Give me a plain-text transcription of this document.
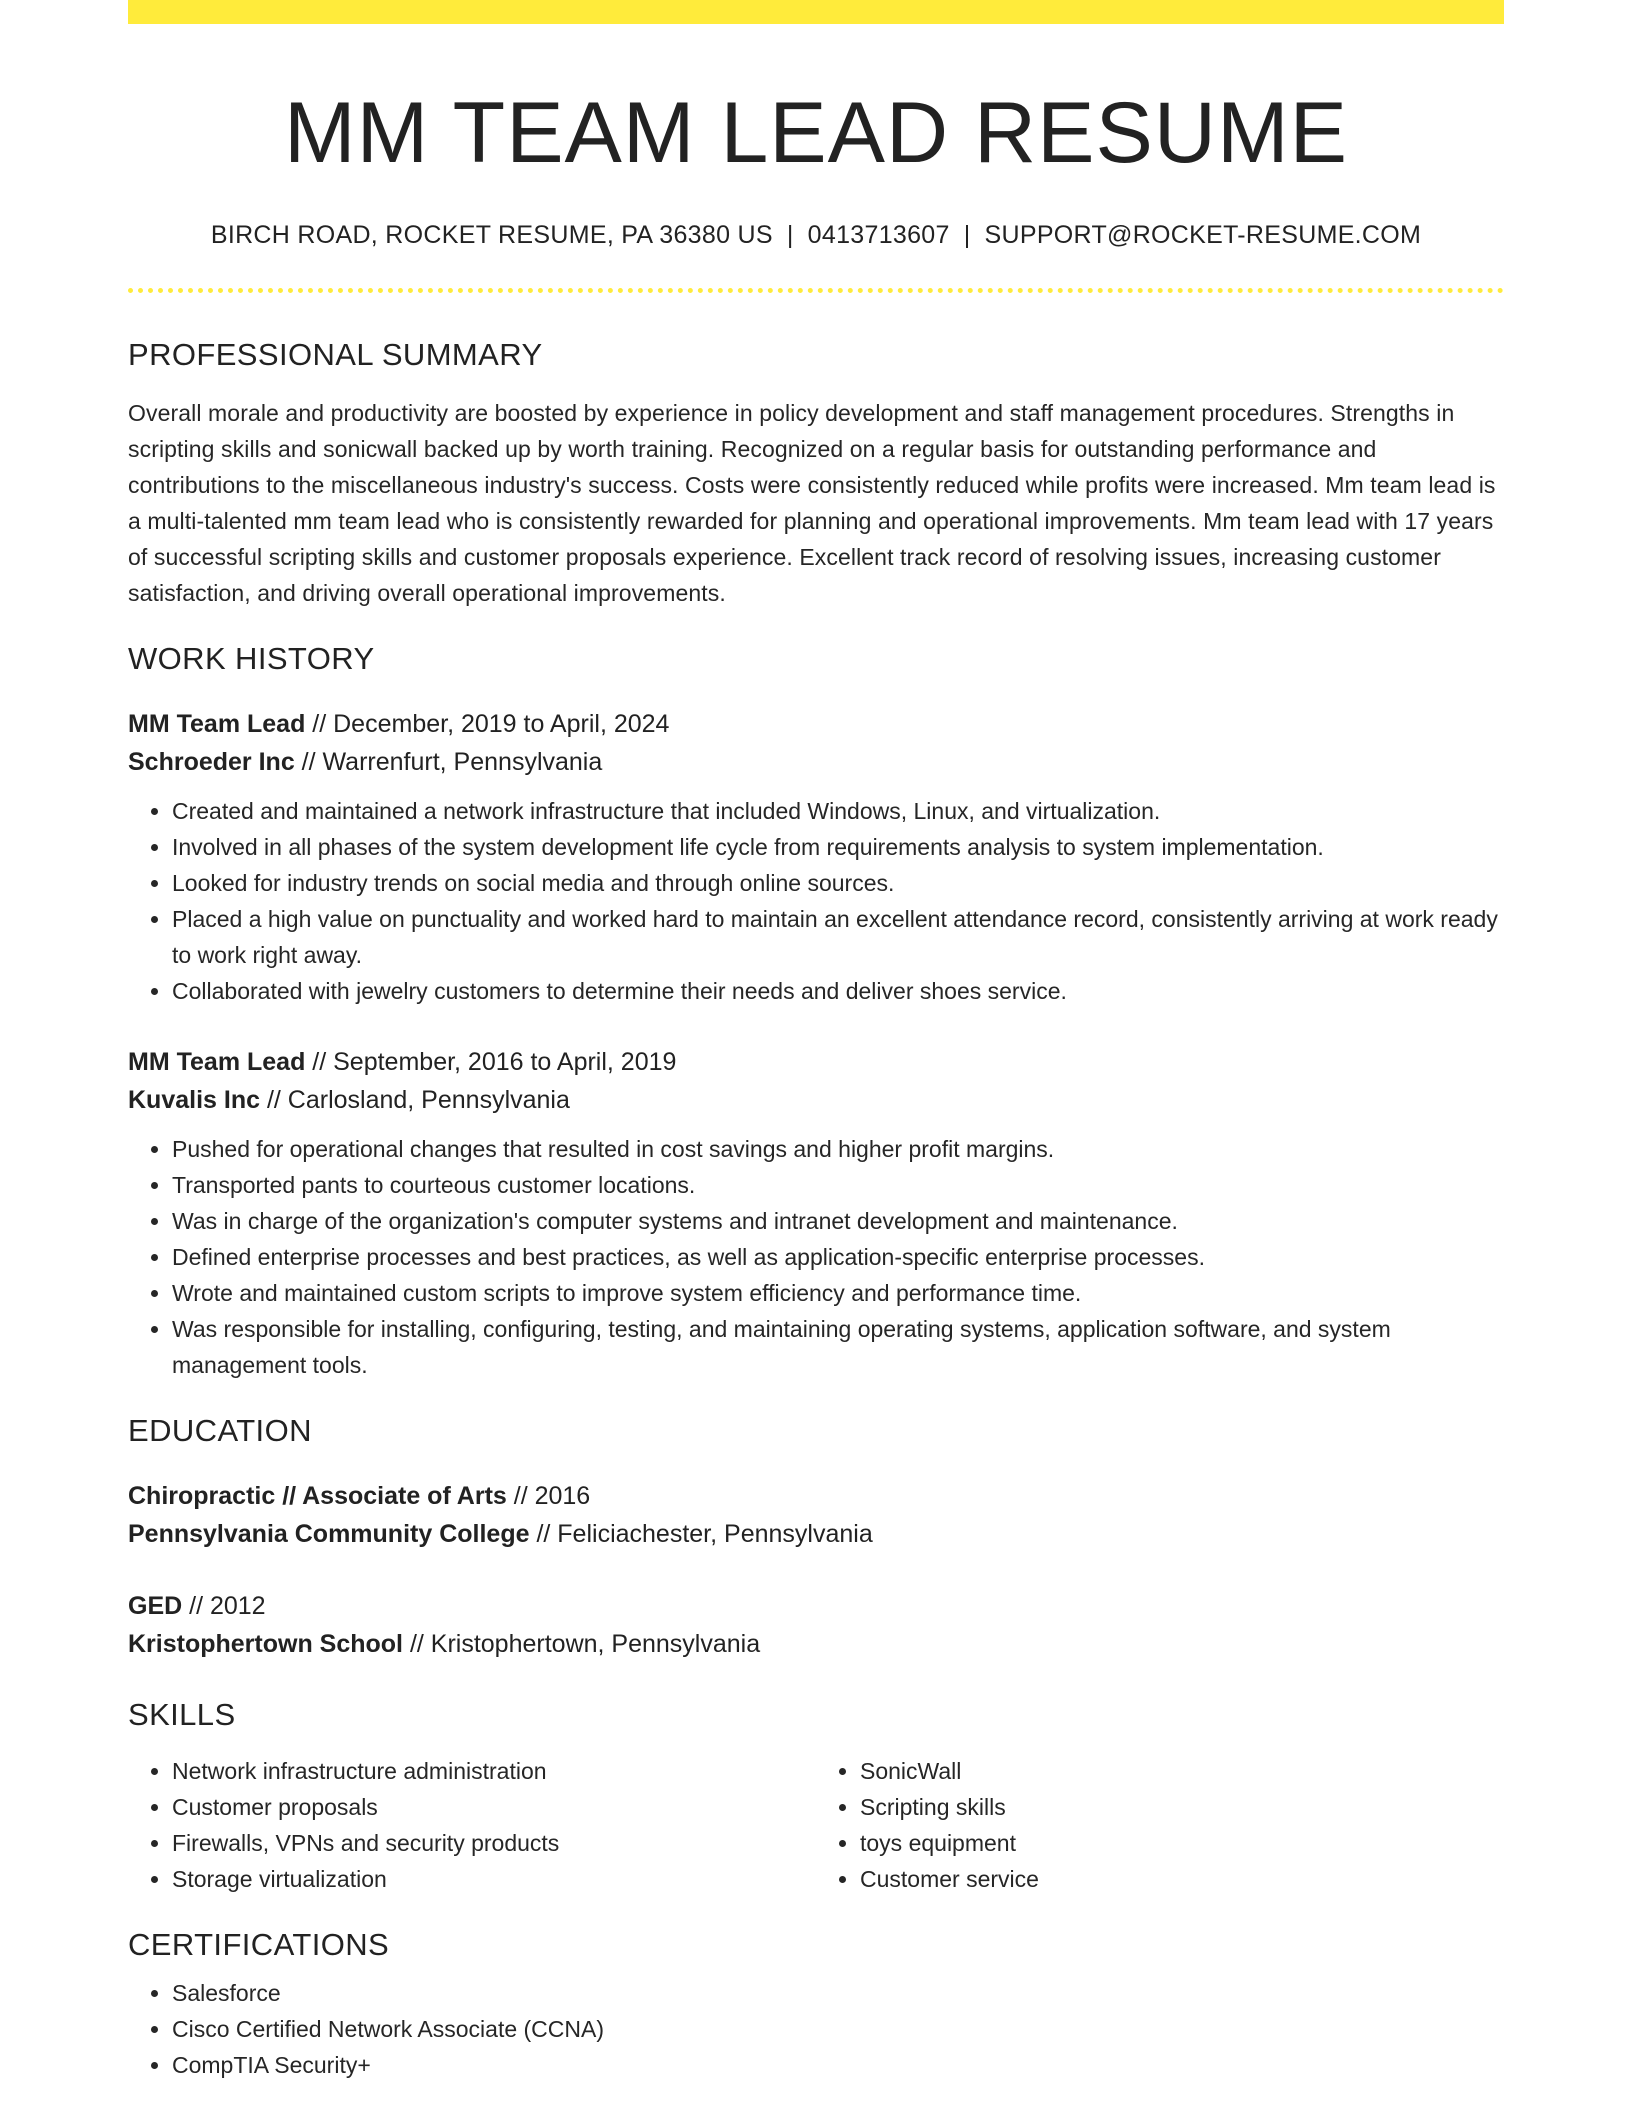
MM TEAM LEAD RESUME
BIRCH ROAD, ROCKET RESUME, PA 36380 US | 0413713607 | SUPPORT@ROCKET-RESUME.COM
PROFESSIONAL SUMMARY
Overall morale and productivity are boosted by experience in policy development and staff management procedures. Strengths in scripting skills and sonicwall backed up by worth training. Recognized on a regular basis for outstanding performance and contributions to the miscellaneous industry's success. Costs were consistently reduced while profits were increased. Mm team lead is a multi-talented mm team lead who is consistently rewarded for planning and operational improvements. Mm team lead with 17 years of successful scripting skills and customer proposals experience. Excellent track record of resolving issues, increasing customer satisfaction, and driving overall operational improvements.
WORK HISTORY
MM Team Lead // December, 2019 to April, 2024
Schroeder Inc // Warrenfurt, Pennsylvania
• Created and maintained a network infrastructure that included Windows, Linux, and virtualization.
• Involved in all phases of the system development life cycle from requirements analysis to system implementation.
• Looked for industry trends on social media and through online sources.
• Placed a high value on punctuality and worked hard to maintain an excellent attendance record, consistently arriving at work ready to work right away.
• Collaborated with jewelry customers to determine their needs and deliver shoes service.
MM Team Lead // September, 2016 to April, 2019
Kuvalis Inc // Carlosland, Pennsylvania
• Pushed for operational changes that resulted in cost savings and higher profit margins.
• Transported pants to courteous customer locations.
• Was in charge of the organization's computer systems and intranet development and maintenance.
• Defined enterprise processes and best practices, as well as application-specific enterprise processes.
• Wrote and maintained custom scripts to improve system efficiency and performance time.
• Was responsible for installing, configuring, testing, and maintaining operating systems, application software, and system management tools.
EDUCATION
Chiropractic // Associate of Arts // 2016
Pennsylvania Community College // Feliciachester, Pennsylvania
GED // 2012
Kristophertown School // Kristophertown, Pennsylvania
SKILLS
• Network infrastructure administration
• Customer proposals
• Firewalls, VPNs and security products
• Storage virtualization
• SonicWall
• Scripting skills
• toys equipment
• Customer service
CERTIFICATIONS
• Salesforce
• Cisco Certified Network Associate (CCNA)
• CompTIA Security+
